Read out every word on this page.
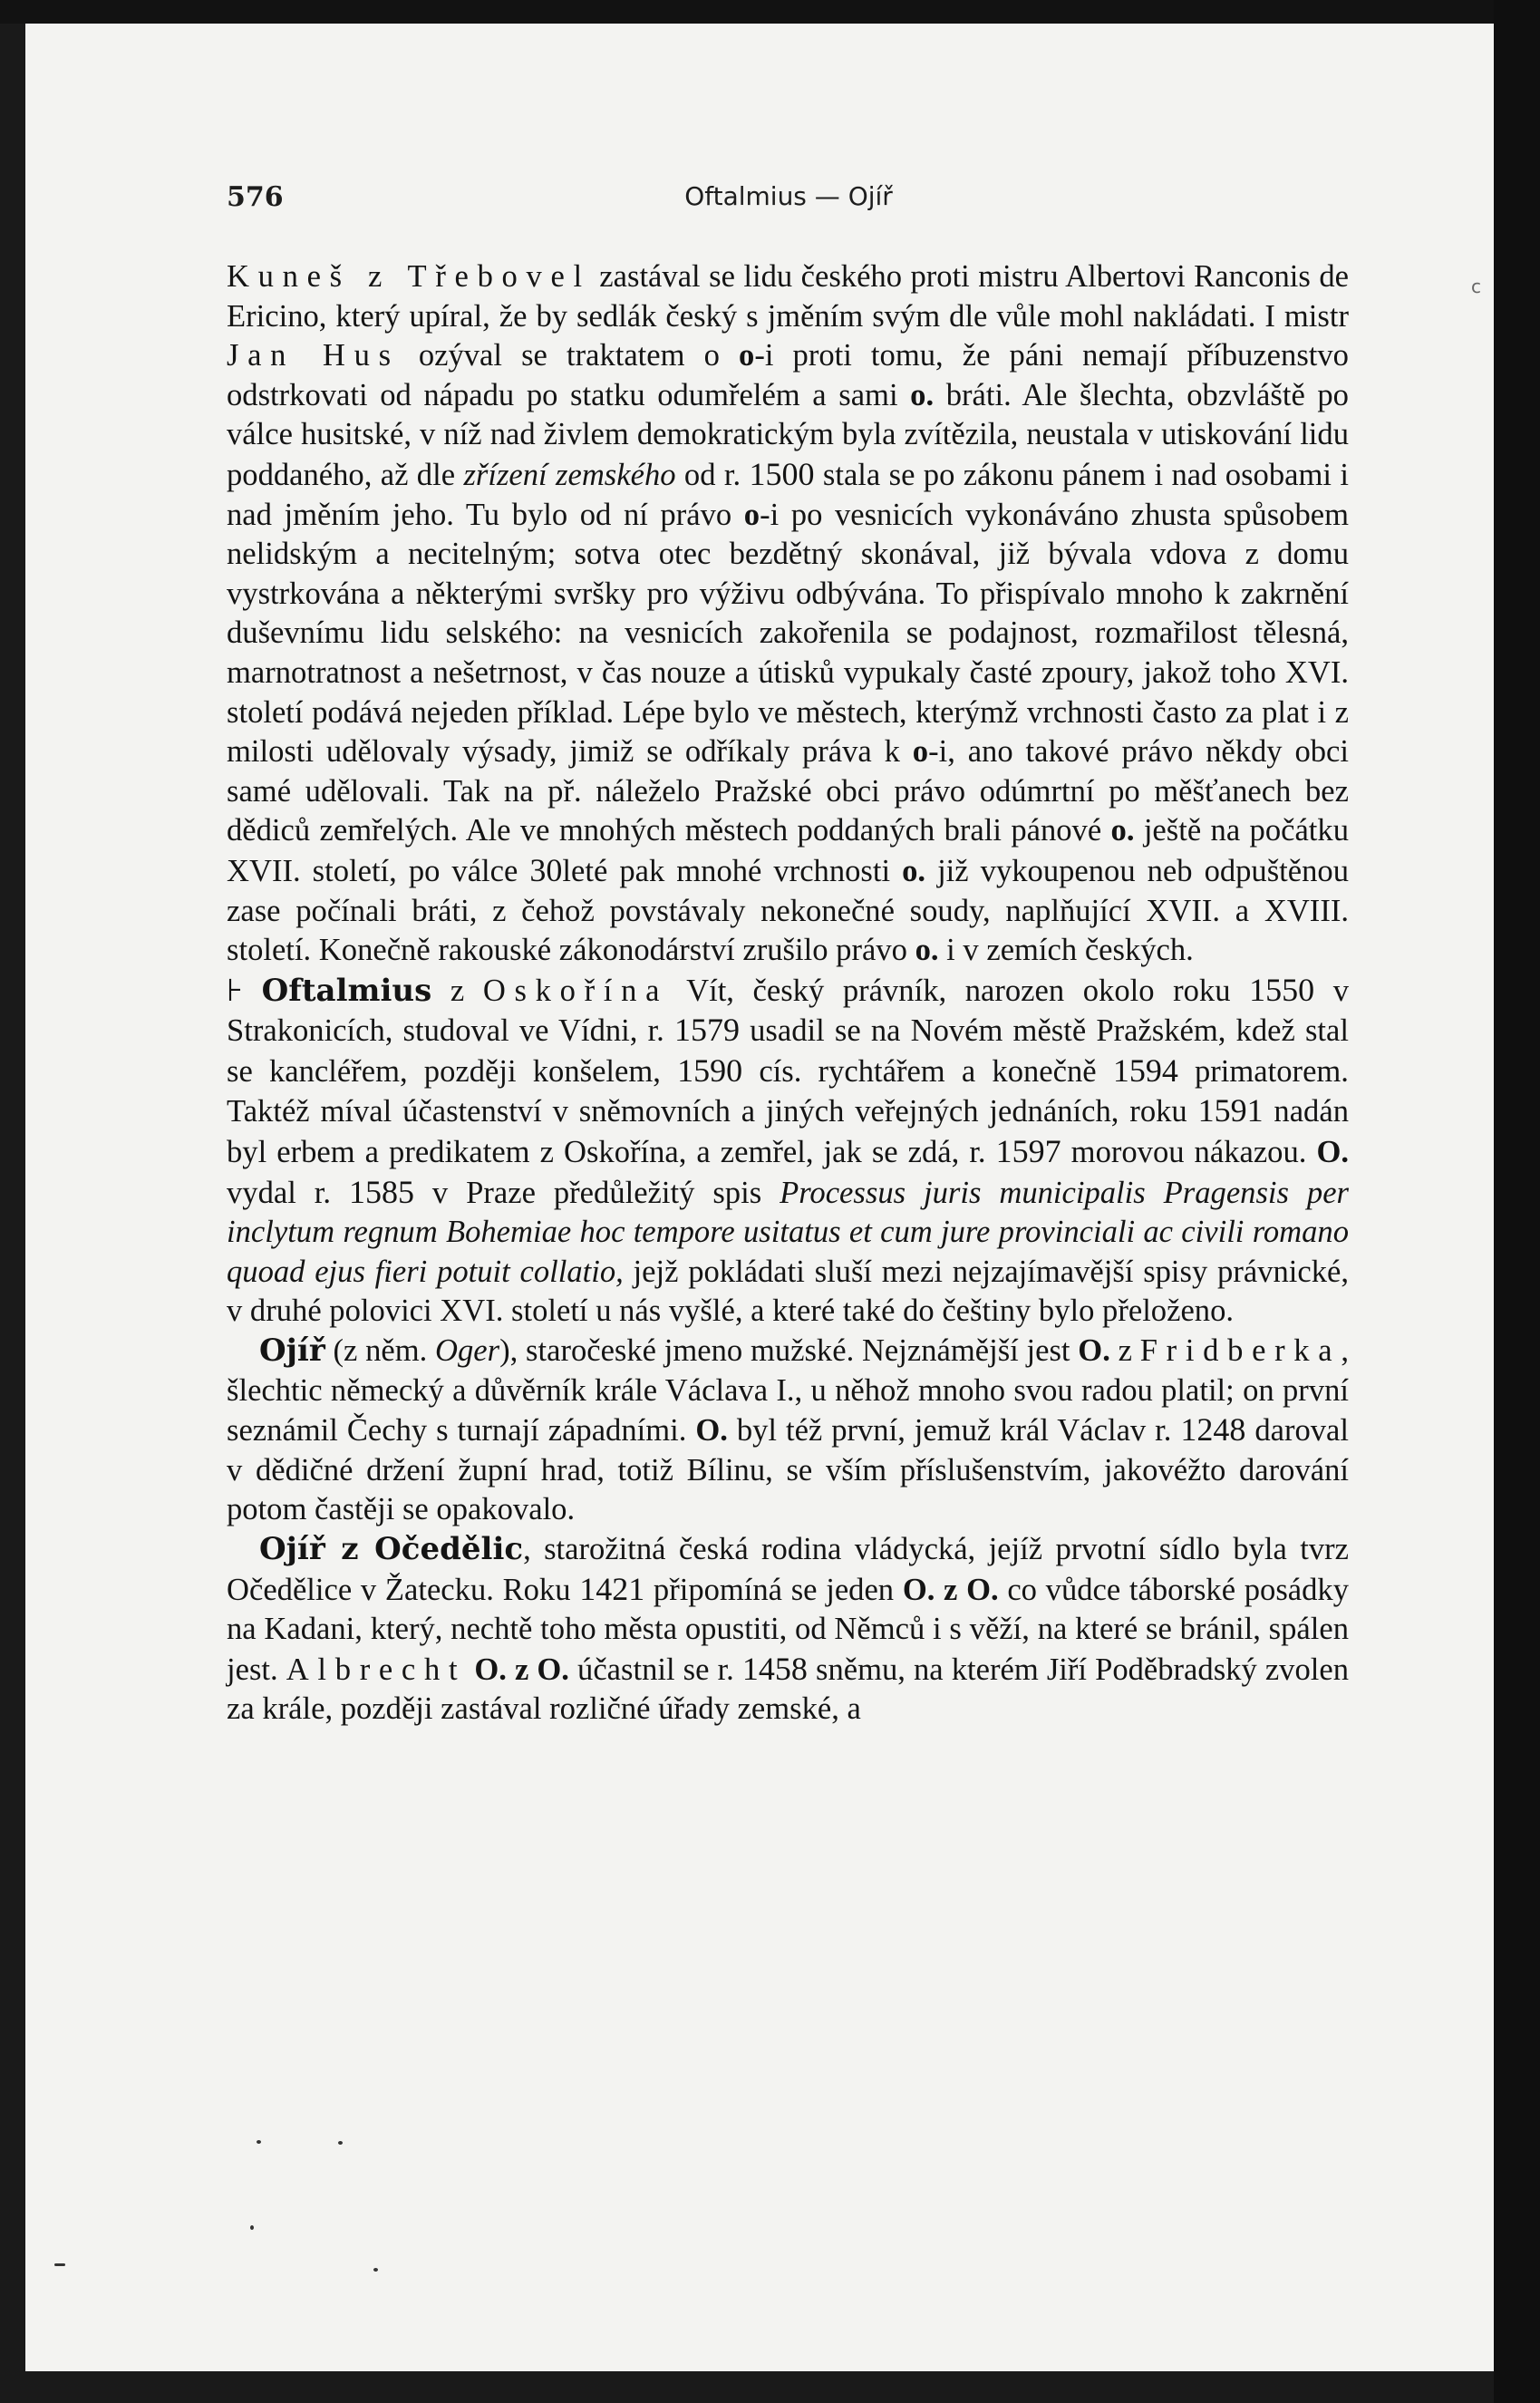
576	Oftalmius — Ojíř
c

Kuneš z Třebovel zastával se lidu českého proti mistru Albertovi Ranconis de Ericino, který upíral, že by sedlák český s jměním svým dle vůle mohl nakládati. I mistr Jan Hus ozýval se traktatem o o-i proti tomu, že páni nemají příbuzenstvo odstrkovati od nápadu po statku odumřelém a sami o. bráti. Ale šlechta, obzvláště po válce husitské, v níž nad živlem demokratickým byla zvítězila, neustala v utiskování lidu poddaného, až dle zřízení zemského od r. 1500 stala se po zákonu pánem i nad osobami i nad jměním jeho. Tu bylo od ní právo o-i po vesnicích vykonáváno zhusta spůsobem nelidským a necitelným; sotva otec bezdětný skonával, již bývala vdova z domu vystrkována a některými svršky pro výživu odbývána. To přispívalo mnoho k zakrnění duševnímu lidu selského: na vesnicích zakořenila se podajnost, rozmařilost tělesná, marnotratnost a nešetrnost, v čas nouze a útisků vypukaly časté zpoury, jakož toho XVI. století podává nejeden příklad. Lépe bylo ve městech, kterýmž vrchnosti často za plat i z milosti udělovaly výsady, jimiž se odříkaly práva k o-i, ano takové právo někdy obci samé udělovali. Tak na př. náleželo Pražské obci právo odúmrtní po měšťanech bez dědiců zemřelých. Ale ve mnohých městech poddaných brali pánové o. ještě na počátku XVII. století, po válce 30leté pak mnohé vrchnosti o. již vykoupenou neb odpuštěnou zase počínali bráti, z čehož povstávaly nekonečné soudy, naplňující XVII. a XVIII. století. Konečně rakouské zákonodárství zrušilo právo o. i v zemích českých.

⊦ Oftalmius z Oskořína Vít, český právník, narozen okolo roku 1550 v Strakonicích, studoval ve Vídni, r. 1579 usadil se na Novém městě Pražském, kdež stal se kancléřem, později konšelem, 1590 cís. rychtářem a konečně 1594 primatorem. Taktéž míval účastenství v sněmovních a jiných veřejných jednáních, roku 1591 nadán byl erbem a predikatem z Oskořína, a zemřel, jak se zdá, r. 1597 morovou nákazou. O. vydal r. 1585 v Praze předůležitý spis Processus juris municipalis Pragensis per inclytum regnum Bohemiae hoc tempore usitatus et cum jure provinciali ac civili romano quoad ejus fieri potuit collatio, jejž pokládati sluší mezi nejzajímavější spisy právnické, v druhé polovici XVI. století u nás vyšlé, a které také do češtiny bylo přeloženo.

Ojíř (z něm. Oger), staročeské jmeno mužské. Nejznámější jest O. z Fridberka, šlechtic německý a důvěrník krále Václava I., u něhož mnoho svou radou platil; on první seznámil Čechy s turnají západními. O. byl též první, jemuž král Václav r. 1248 daroval v dědičné držení župní hrad, totiž Bílinu, se vším příslušenstvím, jakovéžto darování potom častěji se opakovalo.

Ojíř z Očedělic, starožitná česká rodina vládycká, jejíž prvotní sídlo byla tvrz Očedělice v Žatecku. Roku 1421 připomíná se jeden O. z O. co vůdce táborské posádky na Kadani, který, nechtě toho města opustiti, od Němců i s věží, na které se bránil, spálen jest. Albrecht O. z O. účastnil se r. 1458 sněmu, na kterém Jiří Poděbradský zvolen za krále, později zastával rozličné úřady zemské, a
